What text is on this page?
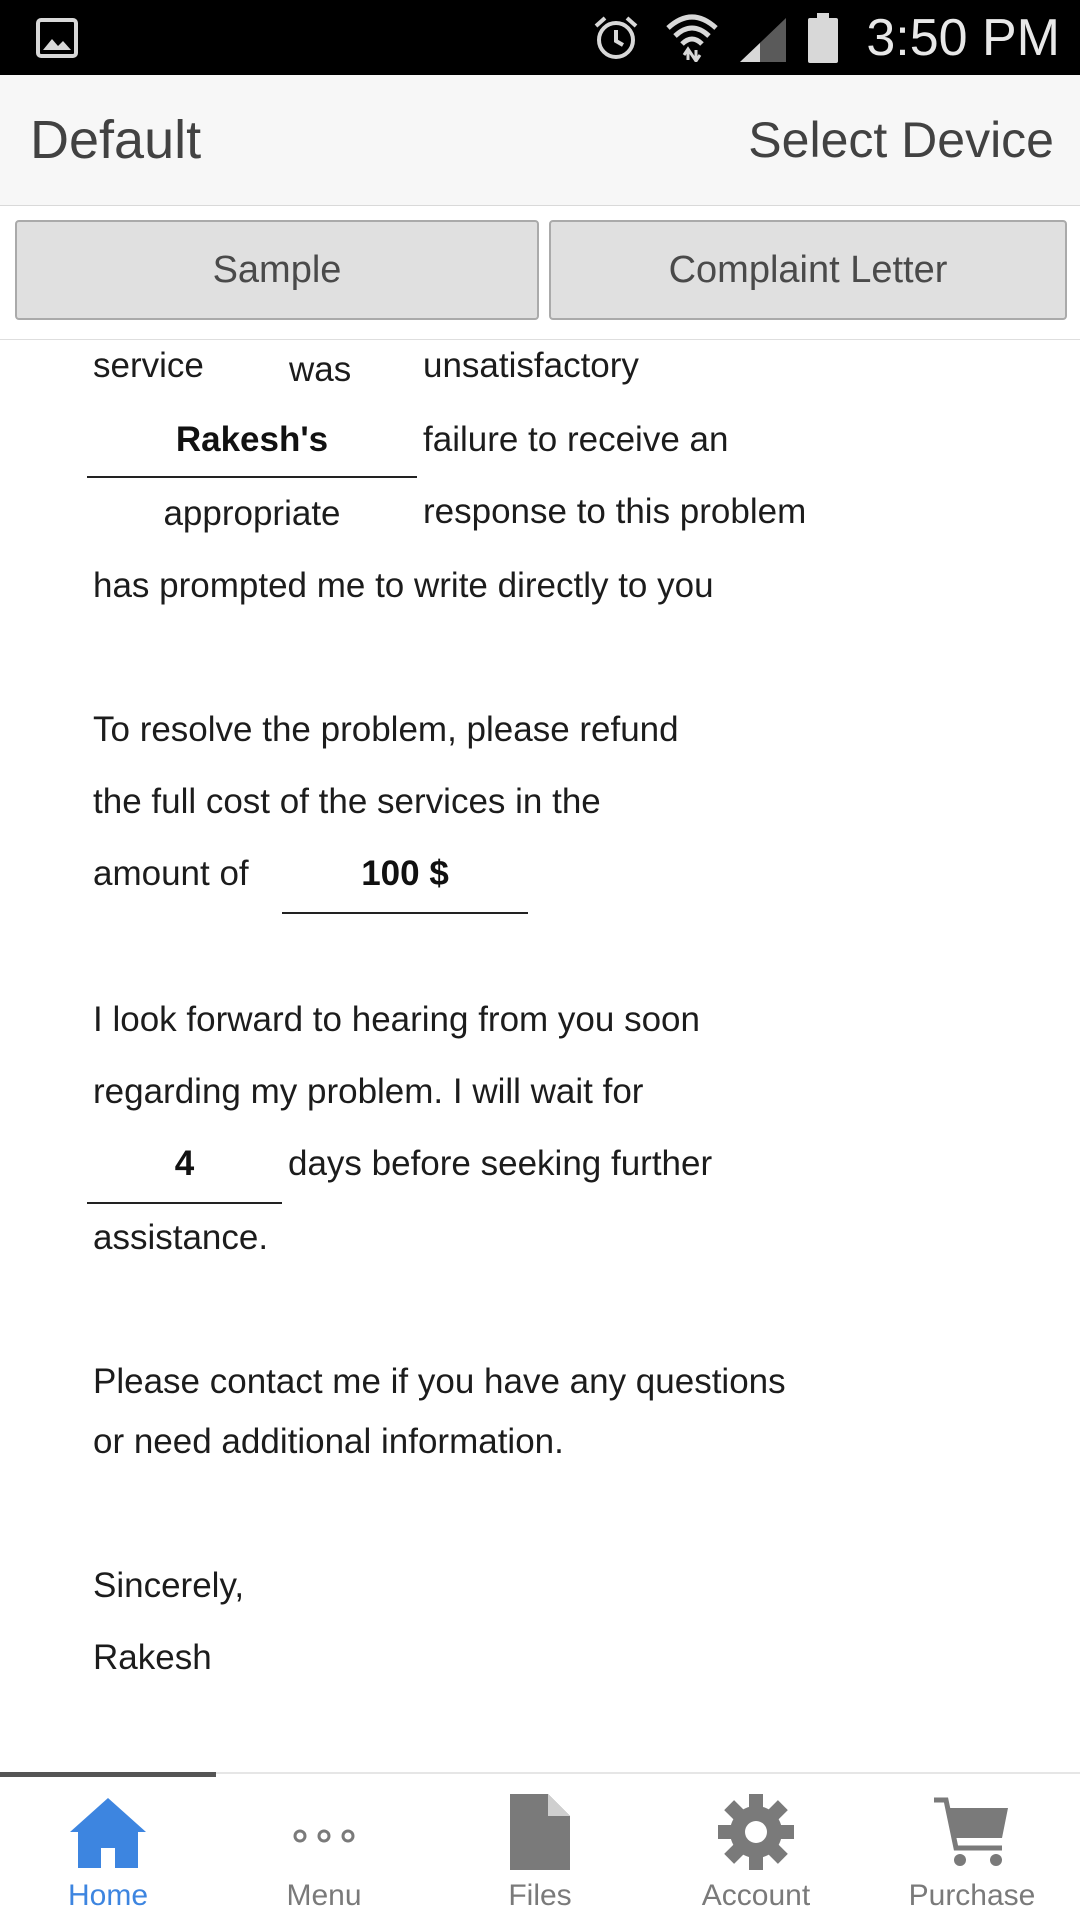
3:50 PM
Default	Select Device
Sample	Complaint Letter
service was unsatisfactory
Rakesh's	failure to receive an
appropriate	response to this problem
has prompted me to write directly to you
To resolve the problem, please refund
the full cost of the services in the
amount of	100 $
I look forward to hearing from you soon
regarding my problem. I will wait for
4	days before seeking further
assistance.
Please contact me if you have any questions
or need additional information.
Sincerely,
Rakesh
Home	Menu	Files	Account	Purchase
